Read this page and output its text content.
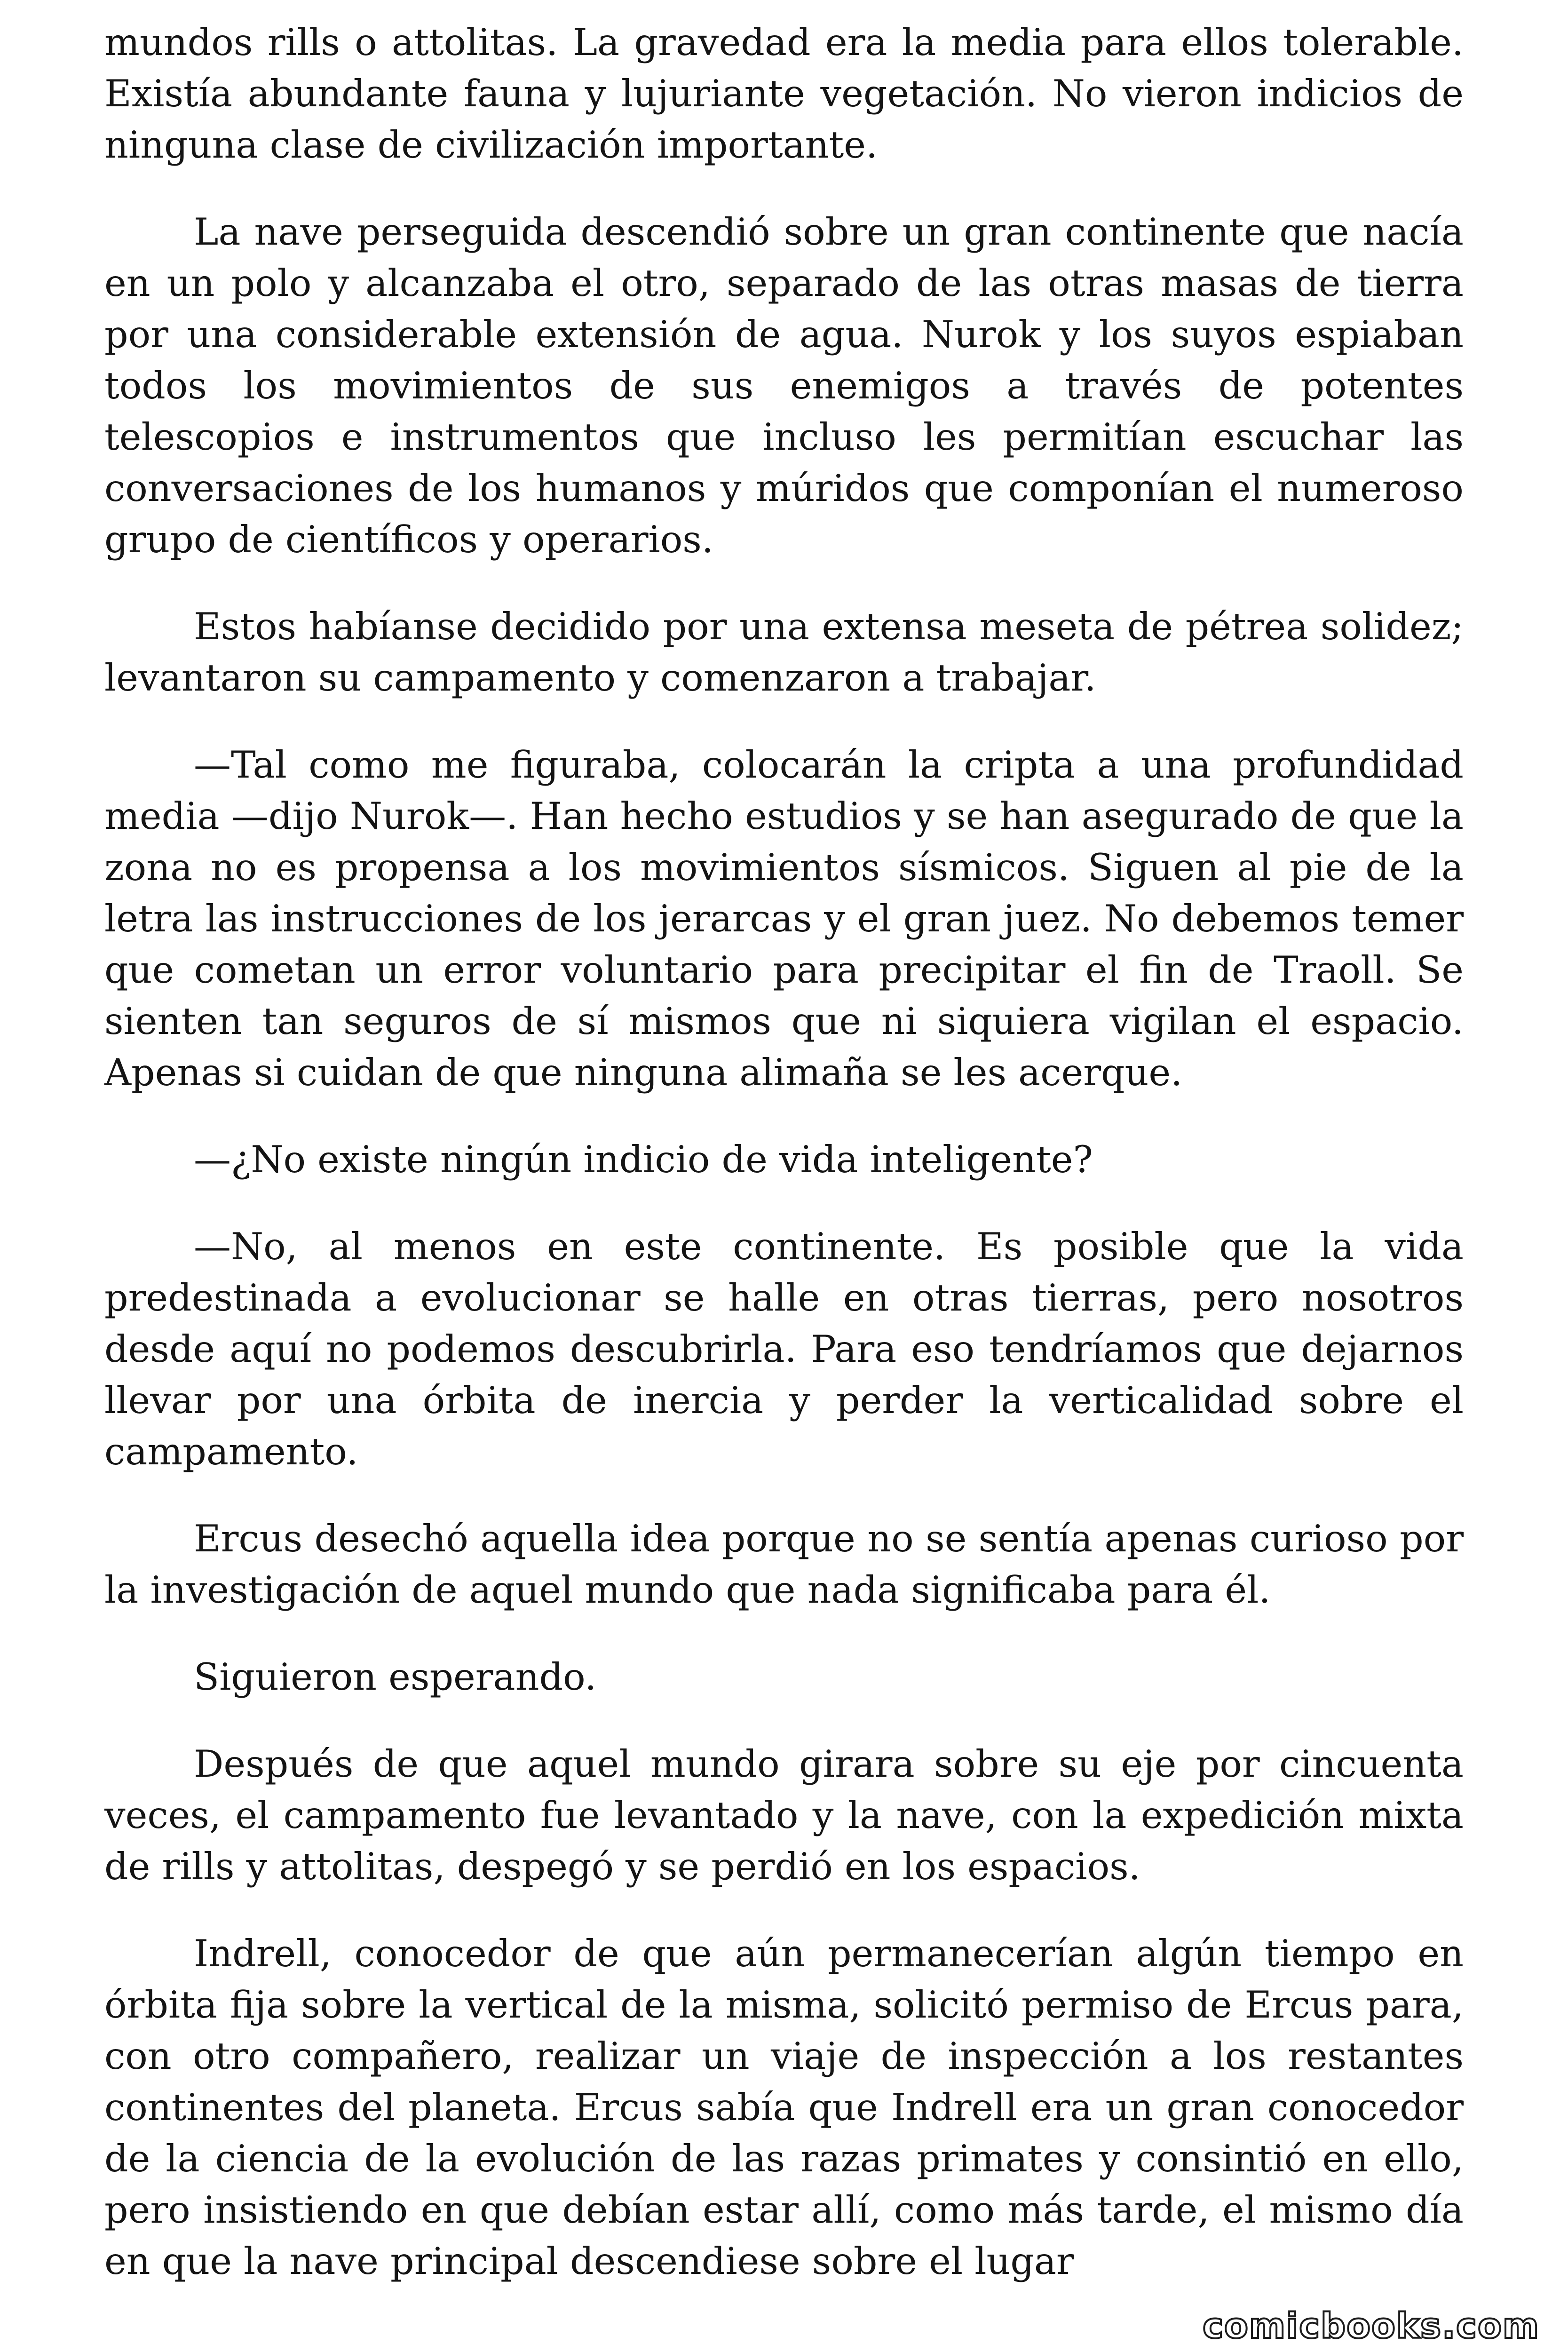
mundos rills o attolitas. La gravedad era la media para ellos tolerable. Existía abundante fauna y lujuriante vegetación. No vieron indicios de ninguna clase de civilización importante.

La nave perseguida descendió sobre un gran continente que nacía en un polo y alcanzaba el otro, separado de las otras masas de tierra por una considerable extensión de agua. Nurok y los suyos espiaban todos los movimientos de sus enemigos a través de potentes telescopios e instrumentos que incluso les permitían escuchar las conversaciones de los humanos y múridos que componían el numeroso grupo de científicos y operarios.

Estos habíanse decidido por una extensa meseta de pétrea solidez; levantaron su campamento y comenzaron a trabajar.

—Tal como me figuraba, colocarán la cripta a una profundidad media —dijo Nurok—. Han hecho estudios y se han asegurado de que la zona no es propensa a los movimientos sísmicos. Siguen al pie de la letra las instrucciones de los jerarcas y el gran juez. No debemos temer que cometan un error voluntario para precipitar el fin de Traoll. Se sienten tan seguros de sí mismos que ni siquiera vigilan el espacio. Apenas si cuidan de que ninguna alimaña se les acerque.

—¿No existe ningún indicio de vida inteligente?

—No, al menos en este continente. Es posible que la vida predestinada a evolucionar se halle en otras tierras, pero nosotros desde aquí no podemos descubrirla. Para eso tendríamos que dejarnos llevar por una órbita de inercia y perder la verticalidad sobre el campamento.

Ercus desechó aquella idea porque no se sentía apenas curioso por la investigación de aquel mundo que nada significaba para él.

Siguieron esperando.

Después de que aquel mundo girara sobre su eje por cincuenta veces, el campamento fue levantado y la nave, con la expedición mixta de rills y attolitas, despegó y se perdió en los espacios.

Indrell, conocedor de que aún permanecerían algún tiempo en órbita fija sobre la vertical de la misma, solicitó permiso de Ercus para, con otro compañero, realizar un viaje de inspección a los restantes continentes del planeta. Ercus sabía que Indrell era un gran conocedor de la ciencia de la evolución de las razas primates y consintió en ello, pero insistiendo en que debían estar allí, como más tarde, el mismo día en que la nave principal descendiese sobre el lugar

comicbooks.com
